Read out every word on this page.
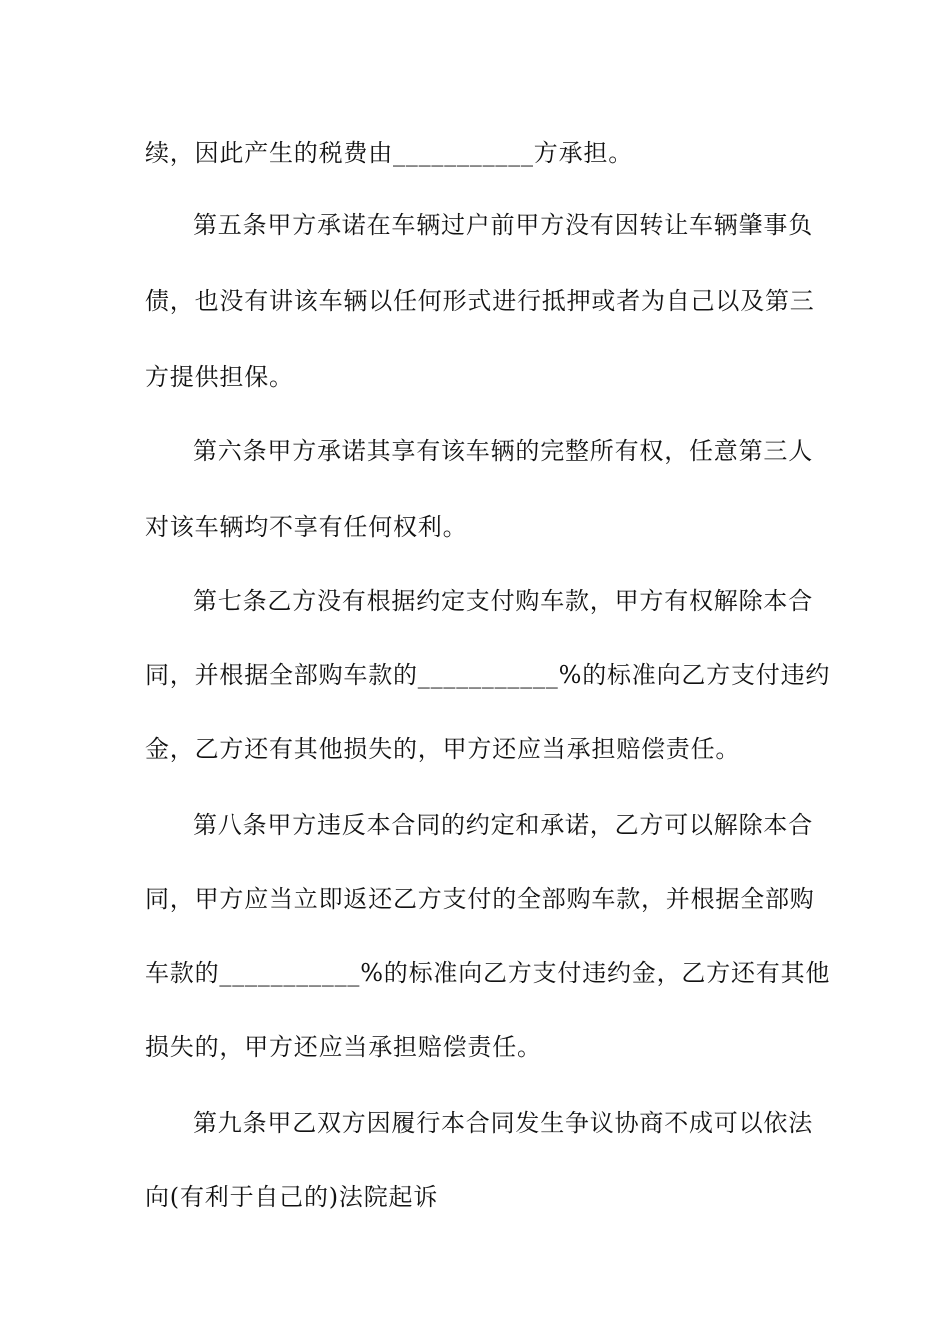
续，因此产生的税费由___________方承担。
第五条甲方承诺在车辆过户前甲方没有因转让车辆肇事负
债，也没有讲该车辆以任何形式进行抵押或者为自己以及第三
方提供担保。
第六条甲方承诺其享有该车辆的完整所有权，任意第三人
对该车辆均不享有任何权利。
第七条乙方没有根据约定支付购车款，甲方有权解除本合
同，并根据全部购车款的___________%的标准向乙方支付违约
金，乙方还有其他损失的，甲方还应当承担赔偿责任。
第八条甲方违反本合同的约定和承诺，乙方可以解除本合
同，甲方应当立即返还乙方支付的全部购车款，并根据全部购
车款的___________%的标准向乙方支付违约金，乙方还有其他
损失的，甲方还应当承担赔偿责任。
第九条甲乙双方因履行本合同发生争议协商不成可以依法
向(有利于自己的)法院起诉
